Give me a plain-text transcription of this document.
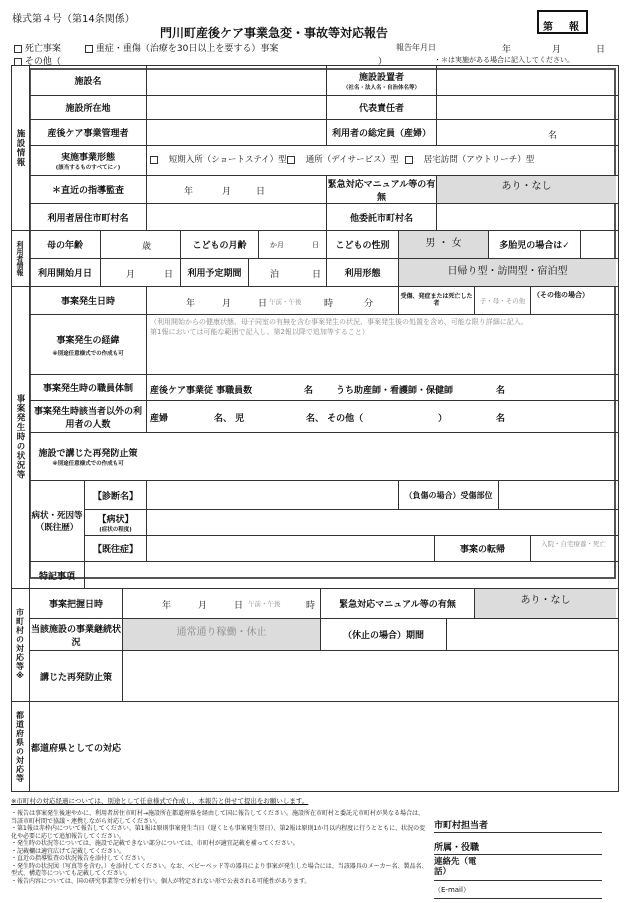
様式第４号（第14条関係）
門川町産後ケア事業急変・事故等対応報告	第 報
死亡事案	重症・重傷（治療を30日以上を要する）事案
その他（	）
報告年月日	年	月	日
・＊は実施がある場合に記入してください。
施設情報
利用者情報
事案発生時の状況等
市町村の対応等※
都道府県の対応等
施設名	施設設置者
（社名・法人名・自治体名等）
施設所在地	代表責任者
産後ケア事業管理者	利用者の総定員（産婦）	名
実施事業形態
(該当するものすべてに✓)
短期入所（ショートステイ）型	通所（デイサービス）型	居宅訪問（アウトリーチ）型
＊直近の指導監査	年	月	日
緊急対応マニュアル等の有無
あり・なし
利用者居住市町村名	他委託市町村名
母の年齢	歳	こどもの月齢	か月	日	こどもの性別	男 ・ 女	多胎児の場合は✓
利用開始月日	月	日	利用予定期間	泊	日	利用形態	日帰り型・訪問型・宿泊型
事案発生日時	年	月	日 午前・午後	時	分
受傷、発症または死亡した者	子・母・その他
（その他の場合）
事案発生の経緯
※別途任意様式での作成も可
（利用開始からの健康状態、母子同室の有無を含む事案発生の状況、事案発生後の処置を含め、可能な限り詳細に記入。
第1報においては可能な範囲で記入し、第2報以降で追加等すること）
事案発生時の職員体制	産後ケア事業従 事職員数	名	うち助産師・看護師・保健師	名
事案発生時該当者以外の利用者の人数
産婦	名、 児	名、 その他（	）	名
施設で講じた再発防止策
※別途任意様式での作成も可
病状・死因等（既往歴）
【診断名】	（負傷の場合）受傷部位
【病状】
(症状の程度)
【既往症】	事案の転帰
入院・自宅療養・死亡
特記事項
事案把握日時	年	月	日 午前・午後	時	緊急対応マニュアル等の有無	あり・なし
当該施設の事業継続状況
通常通り稼働・休止	（休止の場合）期間
講じた再発防止策
都道府県としての対応
※市町村の対応経過については、別途として任意様式で作成し、本報告と併せて提出をお願いします。
・報告は事案発生後速やかに、利用者居住市町村→施設所在都道府県を経由して国に報告してください。施設所在市町村と委託元市町村が異なる場合は、当該市町村間で協議・連携しながら対応してください。
・第1報は赤枠内について報告してください。第1報は原則事案発生当日（遅くとも事案発生翌日）、第2報は原則1か月以内程度に行うとともに、状況の変化や必要に応じて追加報告してください。
・発生時の状況等については、施設で記載できない部分については、市町村が適宜記載を補ってください。
・記載欄は適宜広げて記載してください。
・直近の指導監査の状況報告を添付してください。
・発生時の状況図（写真等を含む。）を添付してください。なお、ベビーベッド等の器具により事案が発生した場合には、当該器具のメーカー名、製品名、型式、構造等についても記載してください。
・報告内容については、国の研究事業等で分析を行い、個人が特定されない形で公表される可能性があります。
市町村担当者
所属・役職
連絡先（電話）
（E-mail）
